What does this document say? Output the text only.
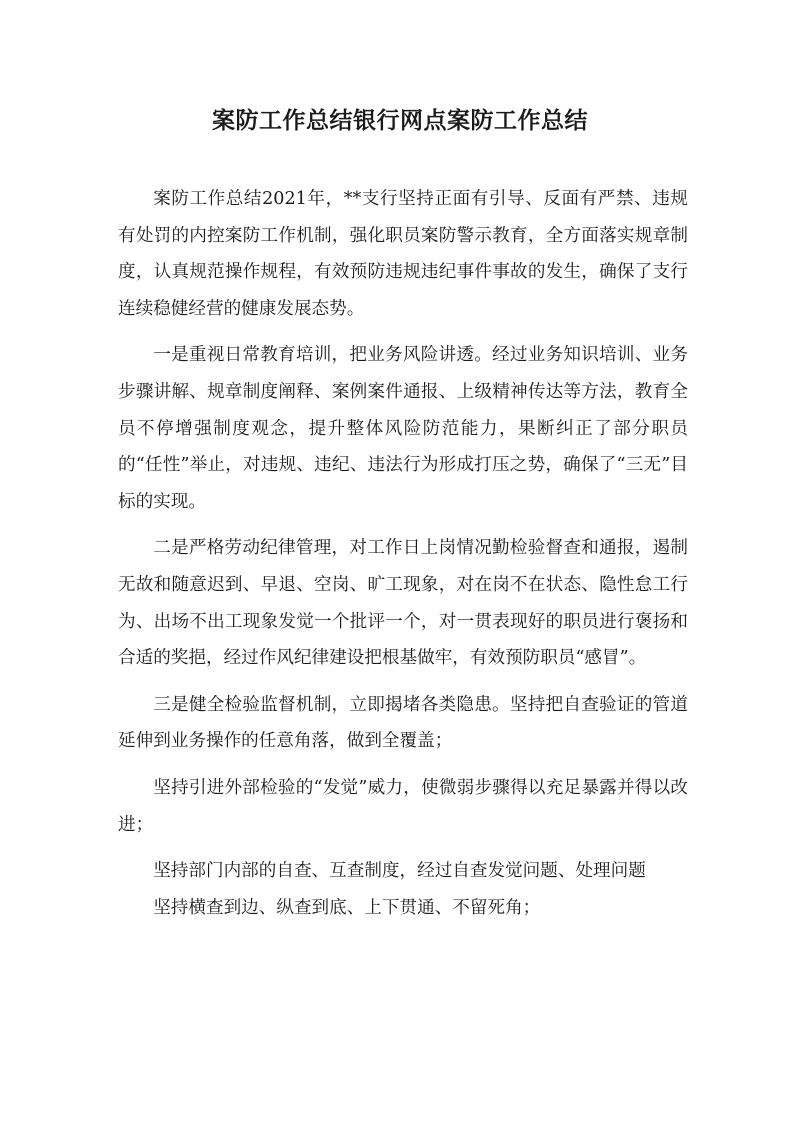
案防工作总结银行网点案防工作总结

案防工作总结2021年，**支行坚持正面有引导、反面有严禁、违规有处罚的内控案防工作机制，强化职员案防警示教育，全方面落实规章制度，认真规范操作规程，有效预防违规违纪事件事故的发生，确保了支行连续稳健经营的健康发展态势。

一是重视日常教育培训，把业务风险讲透。经过业务知识培训、业务步骤讲解、规章制度阐释、案例案件通报、上级精神传达等方法，教育全员不停增强制度观念，提升整体风险防范能力，果断纠正了部分职员的“任性”举止，对违规、违纪、违法行为形成打压之势，确保了“三无”目标的实现。

二是严格劳动纪律管理，对工作日上岗情况勤检验督查和通报，遏制无故和随意迟到、早退、空岗、旷工现象，对在岗不在状态、隐性怠工行为、出场不出工现象发觉一个批评一个，对一贯表现好的职员进行褒扬和合适的奖挹，经过作风纪律建设把根基做牢，有效预防职员“感冒”。

三是健全检验监督机制，立即揭堵各类隐患。坚持把自查验证的管道延伸到业务操作的任意角落，做到全覆盖；

坚持引进外部检验的“发觉”威力，使微弱步骤得以充足暴露并得以改进；

坚持部门内部的自查、互查制度，经过自查发觉问题、处理问题

坚持横查到边、纵查到底、上下贯通、不留死角；
